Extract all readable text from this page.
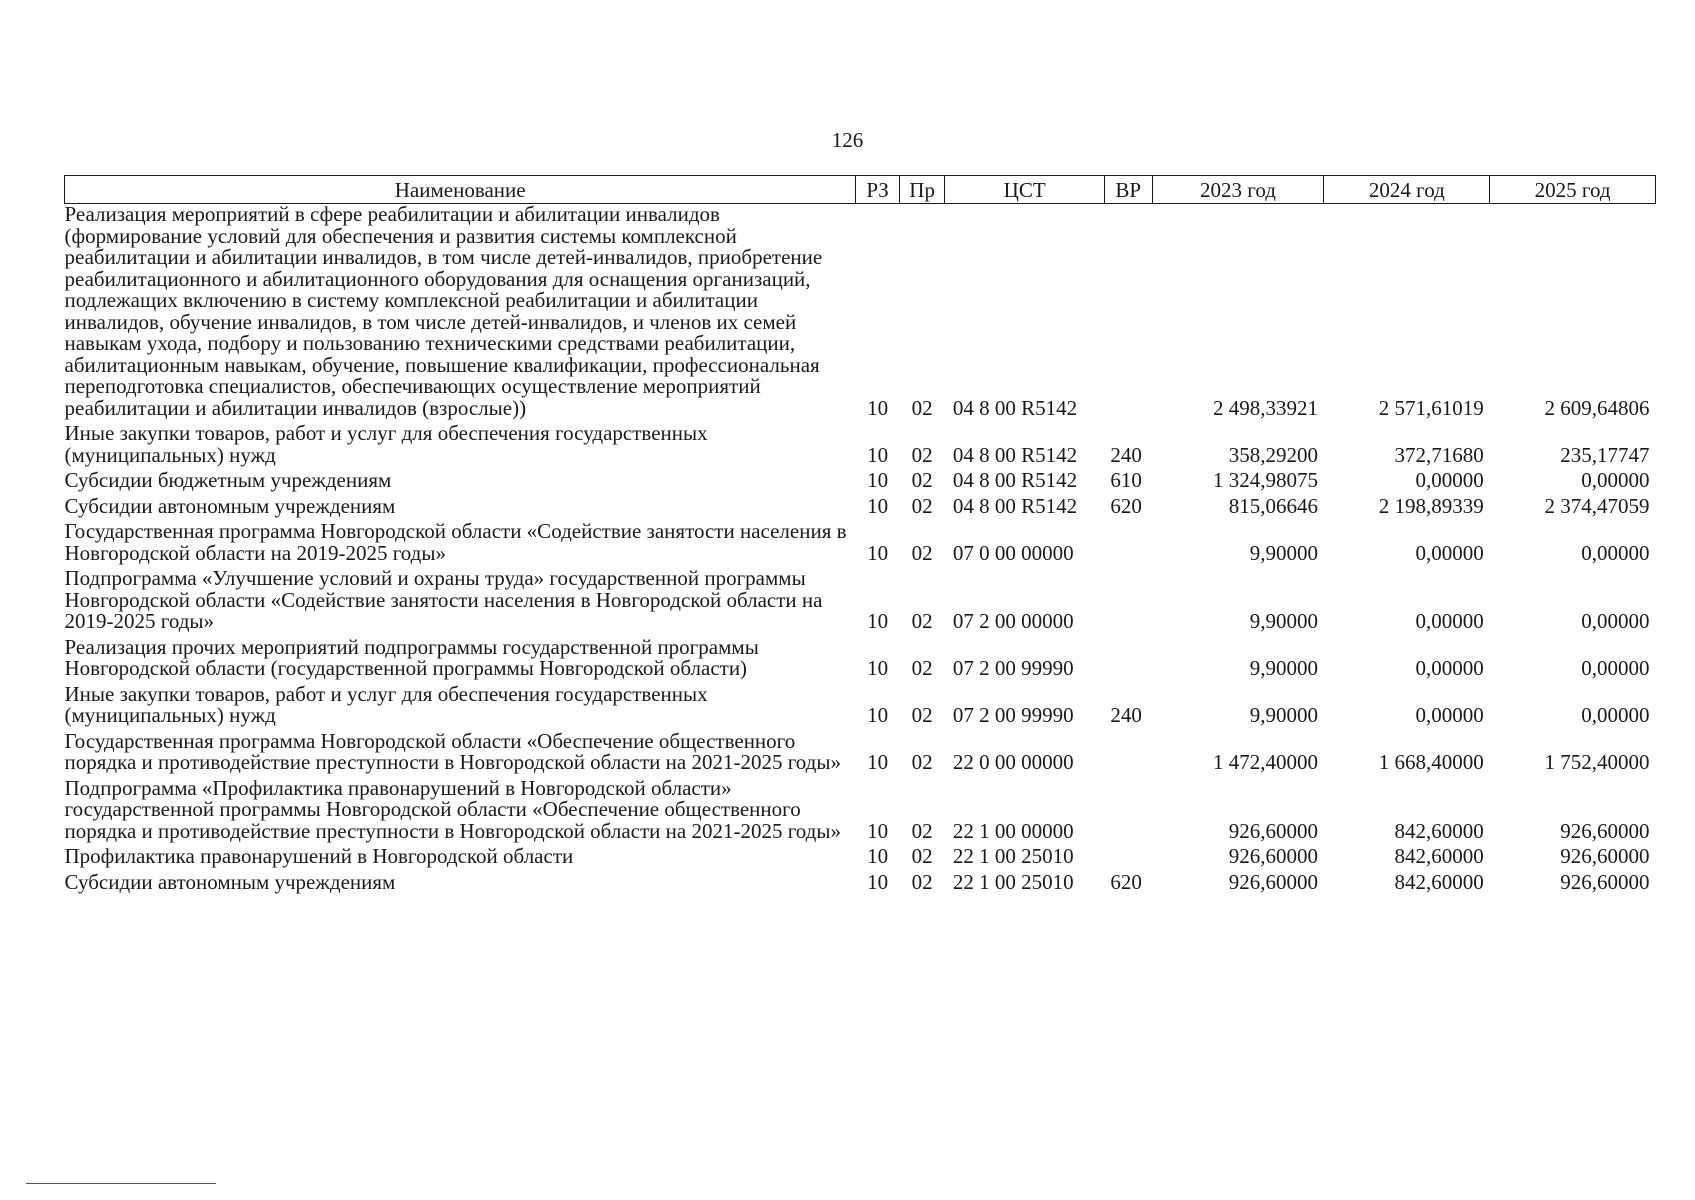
126
Наименование	РЗ	Пр	ЦСТ	ВР	2023 год	2024 год	2025 год
Реализация мероприятий в сфере реабилитации и абилитации инвалидов (формирование условий для обеспечения и развития системы комплексной реабилитации и абилитации инвалидов, в том числе детей-инвалидов, приобретение реабилитационного и абилитационного оборудования для оснащения организаций, подлежащих включению в систему комплексной реабилитации и абилитации инвалидов, обучение инвалидов, в том числе детей-инвалидов, и членов их семей навыкам ухода, подбору и пользованию техническими средствами реабилитации, абилитационным навыкам, обучение, повышение квалификации, профессиональная переподготовка специалистов, обеспечивающих осуществление мероприятий реабилитации и абилитации инвалидов (взрослые))	10	02	04 8 00 R5142		2 498,33921	2 571,61019	2 609,64806
Иные закупки товаров, работ и услуг для обеспечения государственных (муниципальных) нужд	10	02	04 8 00 R5142	240	358,29200	372,71680	235,17747
Субсидии бюджетным учреждениям	10	02	04 8 00 R5142	610	1 324,98075	0,00000	0,00000
Субсидии автономным учреждениям	10	02	04 8 00 R5142	620	815,06646	2 198,89339	2 374,47059
Государственная программа Новгородской области «Содействие занятости населения в Новгородской области на 2019-2025 годы»	10	02	07 0 00 00000		9,90000	0,00000	0,00000
Подпрограмма «Улучшение условий и охраны труда» государственной программы Новгородской области «Содействие занятости населения в Новгородской области на 2019-2025 годы»	10	02	07 2 00 00000		9,90000	0,00000	0,00000
Реализация прочих мероприятий подпрограммы государственной программы Новгородской области (государственной программы Новгородской области)	10	02	07 2 00 99990		9,90000	0,00000	0,00000
Иные закупки товаров, работ и услуг для обеспечения государственных (муниципальных) нужд	10	02	07 2 00 99990	240	9,90000	0,00000	0,00000
Государственная программа Новгородской области «Обеспечение общественного порядка и противодействие преступности в Новгородской области на 2021-2025 годы»	10	02	22 0 00 00000		1 472,40000	1 668,40000	1 752,40000
Подпрограмма «Профилактика правонарушений в Новгородской области» государственной программы Новгородской области «Обеспечение общественного порядка и противодействие преступности в Новгородской области на 2021-2025 годы»	10	02	22 1 00 00000		926,60000	842,60000	926,60000
Профилактика правонарушений в Новгородской области	10	02	22 1 00 25010		926,60000	842,60000	926,60000
Субсидии автономным учреждениям	10	02	22 1 00 25010	620	926,60000	842,60000	926,60000
